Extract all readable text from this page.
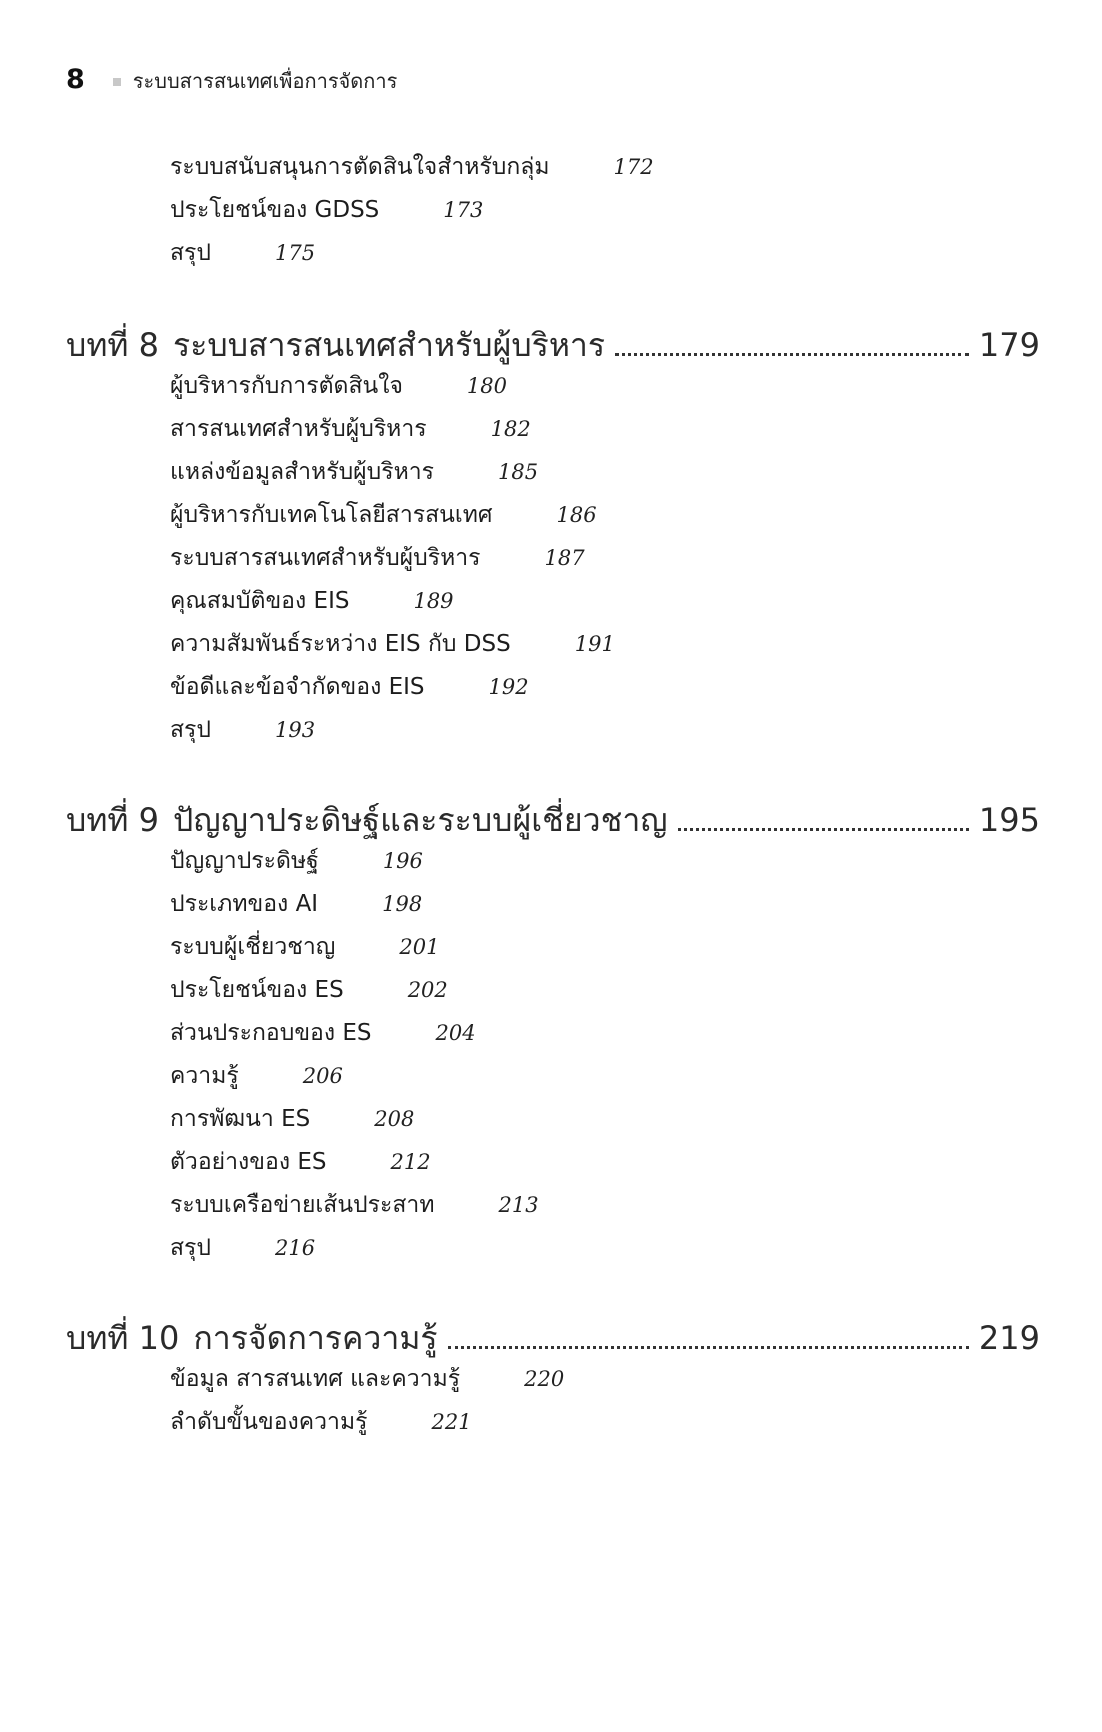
8 ระบบสารสนเทศเพื่อการจัดการ
ระบบสนับสนุนการตัดสินใจสำหรับกลุ่ม	172
ประโยชน์ของ GDSS	173
สรุป	175
บทที่ 8 ระบบสารสนเทศสำหรับผู้บริหาร	179
ผู้บริหารกับการตัดสินใจ	180
สารสนเทศสำหรับผู้บริหาร	182
แหล่งข้อมูลสำหรับผู้บริหาร	185
ผู้บริหารกับเทคโนโลยีสารสนเทศ	186
ระบบสารสนเทศสำหรับผู้บริหาร	187
คุณสมบัติของ EIS	189
ความสัมพันธ์ระหว่าง EIS กับ DSS	191
ข้อดีและข้อจำกัดของ EIS	192
สรุป	193
บทที่ 9 ปัญญาประดิษฐ์และระบบผู้เชี่ยวชาญ	195
ปัญญาประดิษฐ์	196
ประเภทของ AI	198
ระบบผู้เชี่ยวชาญ	201
ประโยชน์ของ ES	202
ส่วนประกอบของ ES	204
ความรู้	206
การพัฒนา ES	208
ตัวอย่างของ ES	212
ระบบเครือข่ายเส้นประสาท	213
สรุป	216
บทที่ 10 การจัดการความรู้	219
ข้อมูล สารสนเทศ และความรู้	220
ลำดับขั้นของความรู้	221
